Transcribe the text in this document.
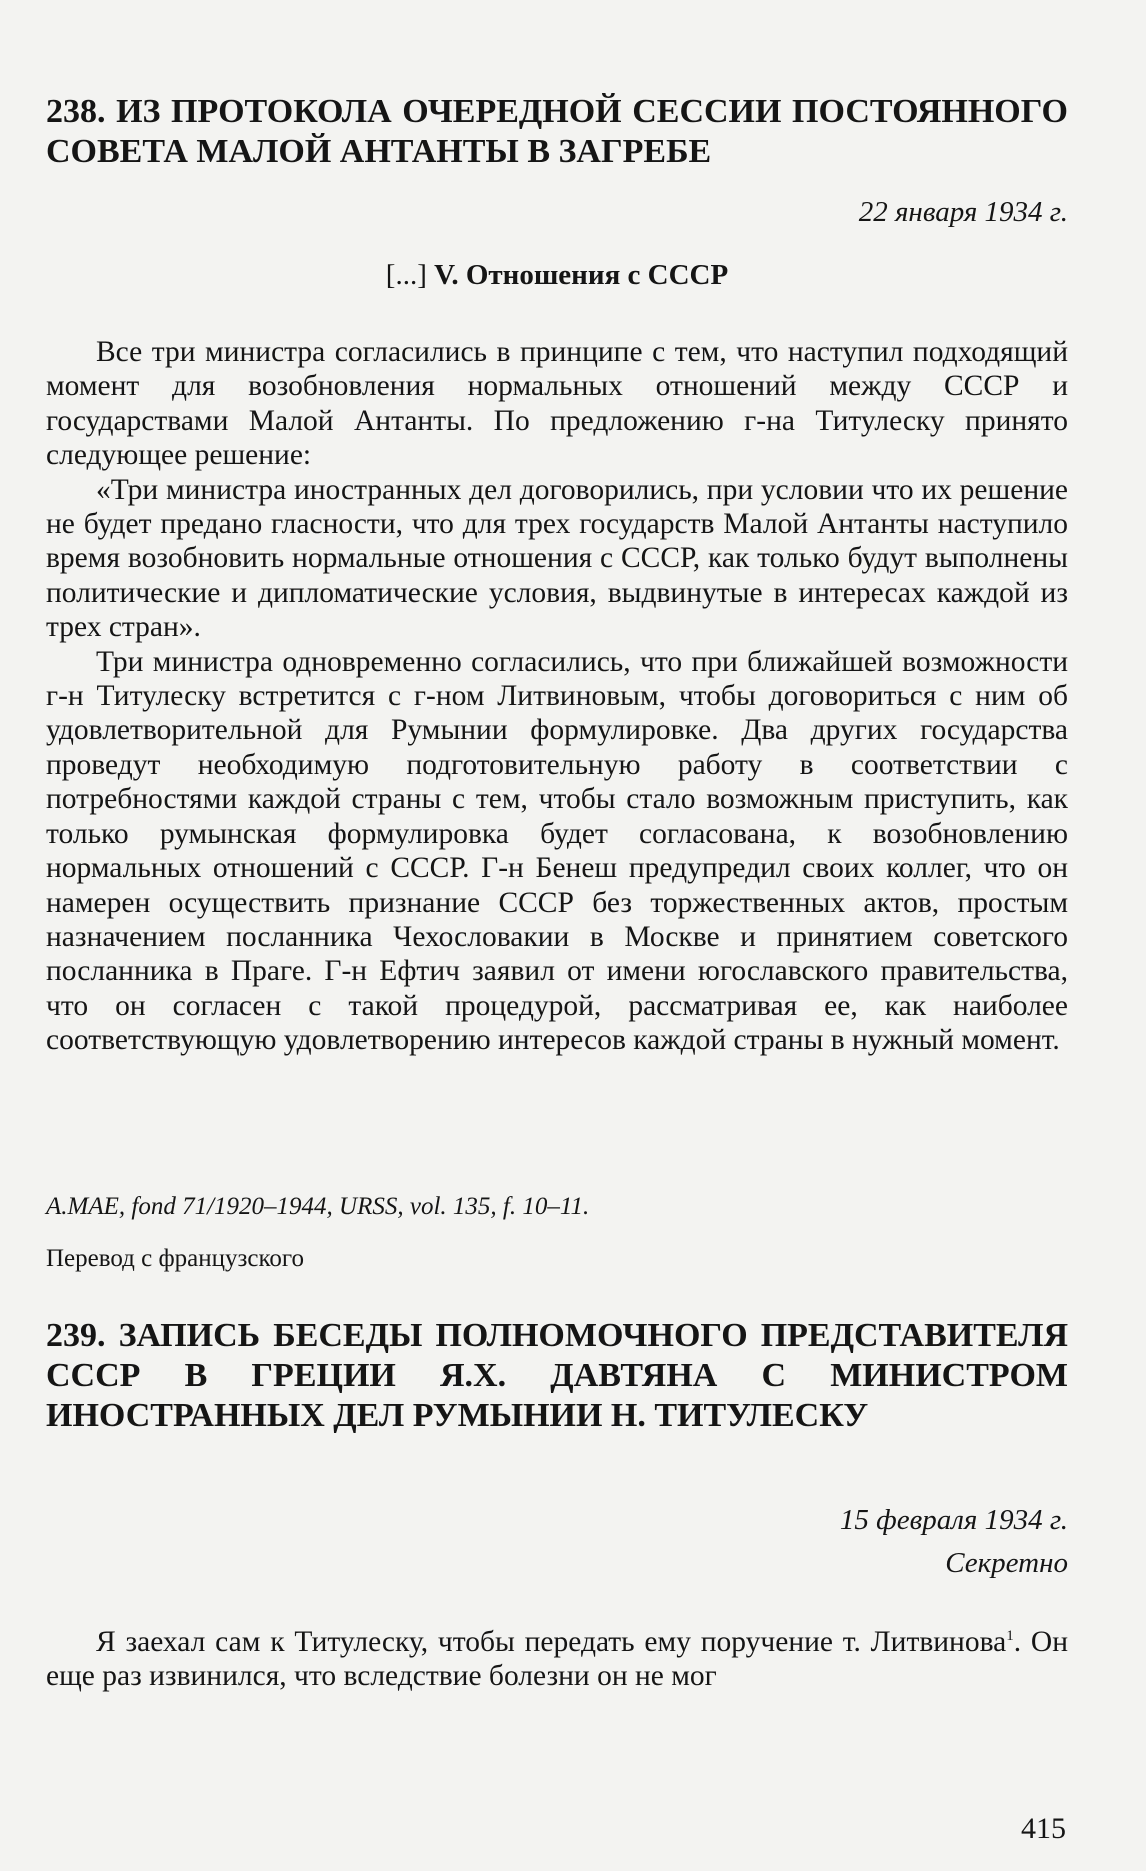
238. ИЗ ПРОТОКОЛА ОЧЕРЕДНОЙ СЕССИИ ПОСТОЯННОГО СОВЕТА МАЛОЙ АНТАНТЫ В ЗАГРЕБЕ

22 января 1934 г.

[...] V. Отношения с СССР

Все три министра согласились в принципе с тем, что наступил подходящий момент для возобновления нормальных отношений между СССР и государствами Малой Антанты. По предложению г-на Титулеску принято следующее решение:

«Три министра иностранных дел договорились, при условии что их решение не будет предано гласности, что для трех государств Малой Антанты наступило время возобновить нормальные отношения с СССР, как только будут выполнены политические и дипломатические условия, выдвинутые в интересах каждой из трех стран».

Три министра одновременно согласились, что при ближайшей возможности г-н Титулеску встретится с г-ном Литвиновым, чтобы договориться с ним об удовлетворительной для Румынии формулировке. Два других государства проведут необходимую подготовительную работу в соответствии с потребностями каждой страны с тем, чтобы стало возможным приступить, как только румынская формулировка будет согласована, к возобновлению нормальных отношений с СССР. Г-н Бенеш предупредил своих коллег, что он намерен осуществить признание СССР без торжественных актов, простым назначением посланника Чехословакии в Москве и принятием советского посланника в Праге. Г-н Ефтич заявил от имени югославского правительства, что он согласен с такой процедурой, рассматривая ее, как наиболее соответствующую удовлетворению интересов каждой страны в нужный момент.

A.MAE, fond 71/1920–1944, URSS, vol. 135, f. 10–11.

Перевод с французского

239. ЗАПИСЬ БЕСЕДЫ ПОЛНОМОЧНОГО ПРЕДСТАВИТЕЛЯ СССР В ГРЕЦИИ Я.Х. ДАВТЯНА С МИНИСТРОМ ИНОСТРАННЫХ ДЕЛ РУМЫНИИ Н. ТИТУЛЕСКУ

15 февраля 1934 г.

Секретно

Я заехал сам к Титулеску, чтобы передать ему поручение т. Литвинова$^1$. Он еще раз извинился, что вследствие болезни он не мог

415
